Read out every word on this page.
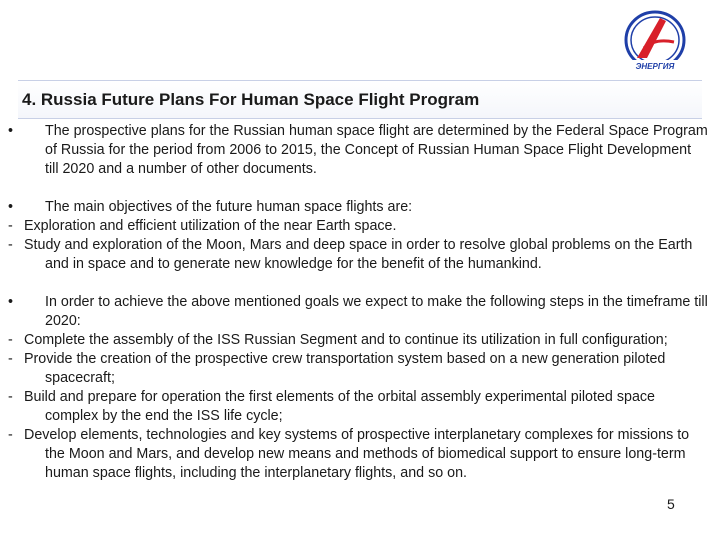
ЭНЕРГИЯ
4. Russia Future Plans For Human Space Flight Program

• The prospective plans for the Russian human space flight are determined by the Federal Space Program of Russia for the period from 2006 to 2015, the Concept of Russian Human Space Flight Development till 2020 and a number of other documents.

• The main objectives of the future human space flights are:

- Exploration and efficient utilization of the near Earth space.

- Study and exploration of the Moon, Mars and deep space in order to resolve global problems on the Earth and in space and to generate new knowledge for the benefit of the humankind.

• In order to achieve the above mentioned goals we expect to make the following steps in the timeframe till 2020:

- Complete the assembly of the ISS Russian Segment and to continue its utilization in full configuration;

- Provide the creation of the prospective crew transportation system based on a new generation piloted spacecraft;

- Build and prepare for operation the first elements of the orbital assembly experimental piloted space complex by the end the ISS life cycle;

- Develop elements, technologies and key systems of prospective interplanetary complexes for missions to the Moon and Mars, and develop new means and methods of biomedical support to ensure long-term human space flights, including the interplanetary flights, and so on.

5
